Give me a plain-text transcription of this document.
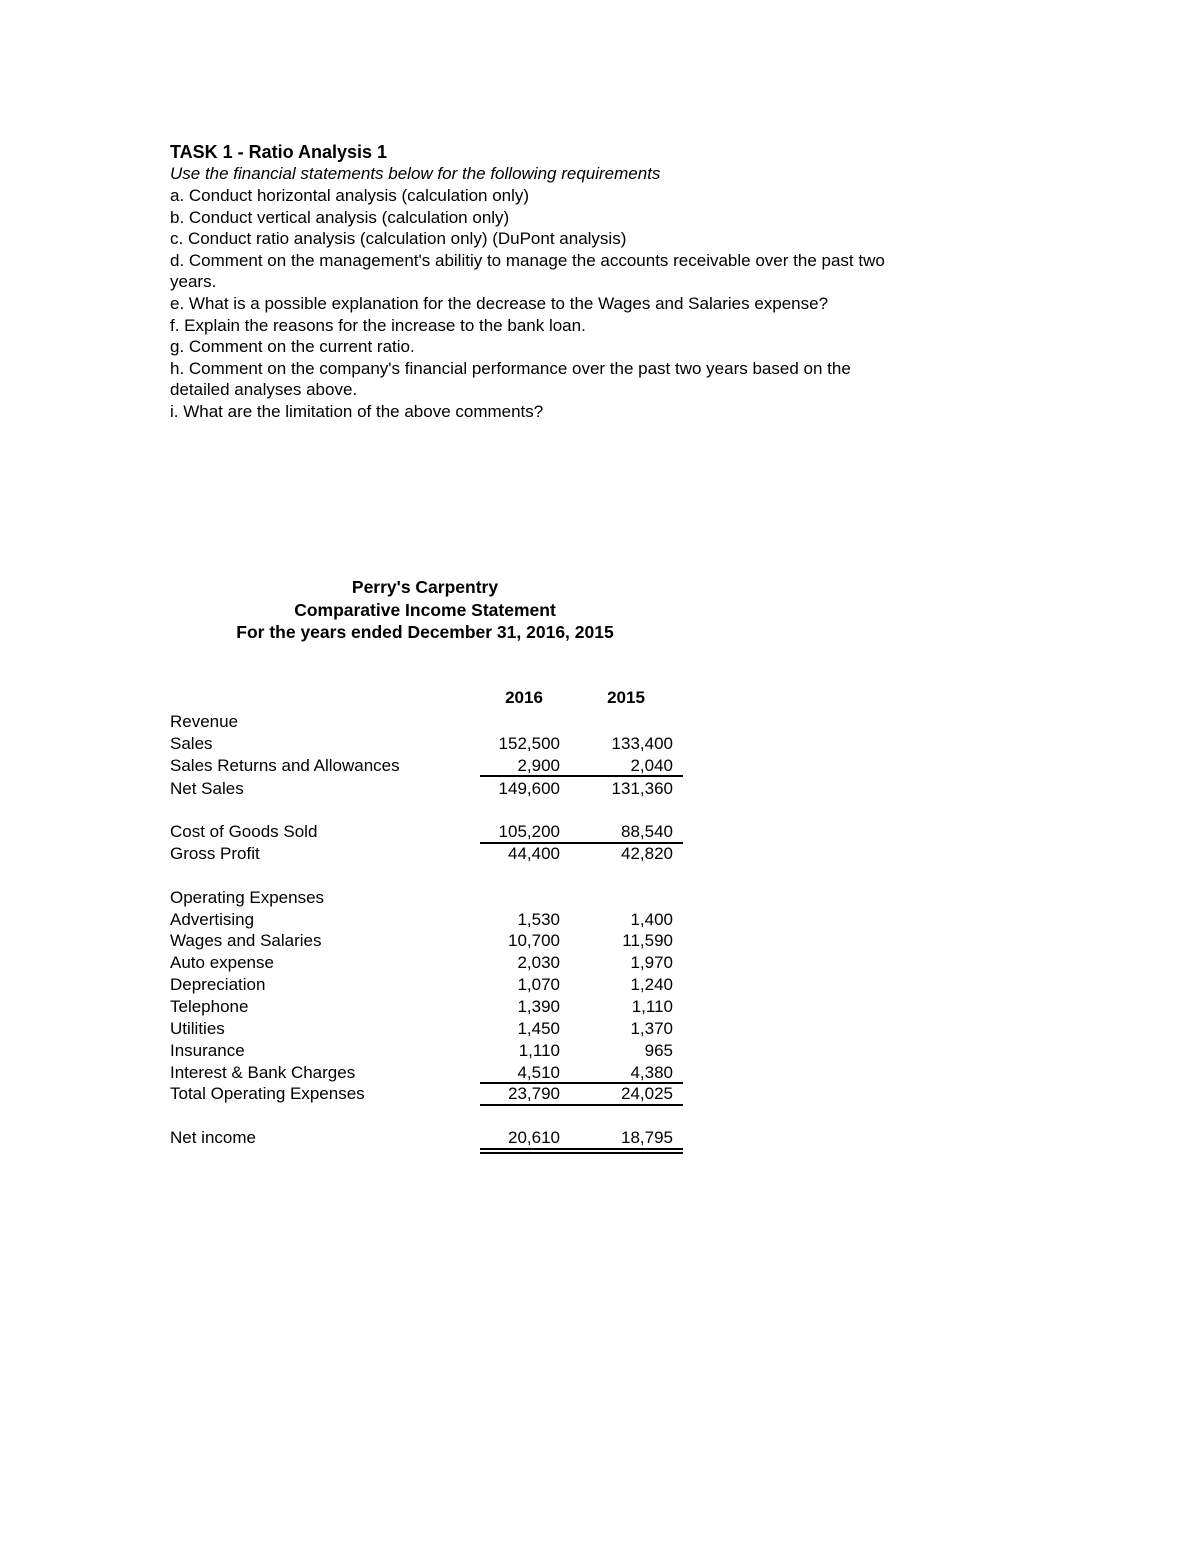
TASK 1 - Ratio Analysis 1

Use the financial statements below for the following requirements

a. Conduct horizontal analysis (calculation only)

b. Conduct vertical analysis (calculation only)

c. Conduct ratio analysis (calculation only) (DuPont analysis)

d. Comment on the management's abilitiy to manage the accounts receivable over the past two

years.

e. What is a possible explanation for the decrease to the Wages and Salaries expense?

f. Explain the reasons for the increase to the bank loan.

g. Comment on the current ratio.

h. Comment on the company's financial performance over the past two years based on the

detailed analyses above.

i. What are the limitation of the above comments?

Perry's Carpentry
Comparative Income Statement
For the years ended December 31, 2016, 2015
2016	2015
Revenue
Sales	152,500	133,400
Sales Returns and Allowances	2,900	2,040
Net Sales	149,600	131,360
Cost of Goods Sold	105,200	88,540
Gross Profit	44,400	42,820
Operating Expenses
Advertising	1,530	1,400
Wages and Salaries	10,700	11,590
Auto expense	2,030	1,970
Depreciation	1,070	1,240
Telephone	1,390	1,110
Utilities	1,450	1,370
Insurance	1,110	965
Interest & Bank Charges	4,510	4,380
Total Operating Expenses	23,790	24,025
Net income	20,610	18,795
